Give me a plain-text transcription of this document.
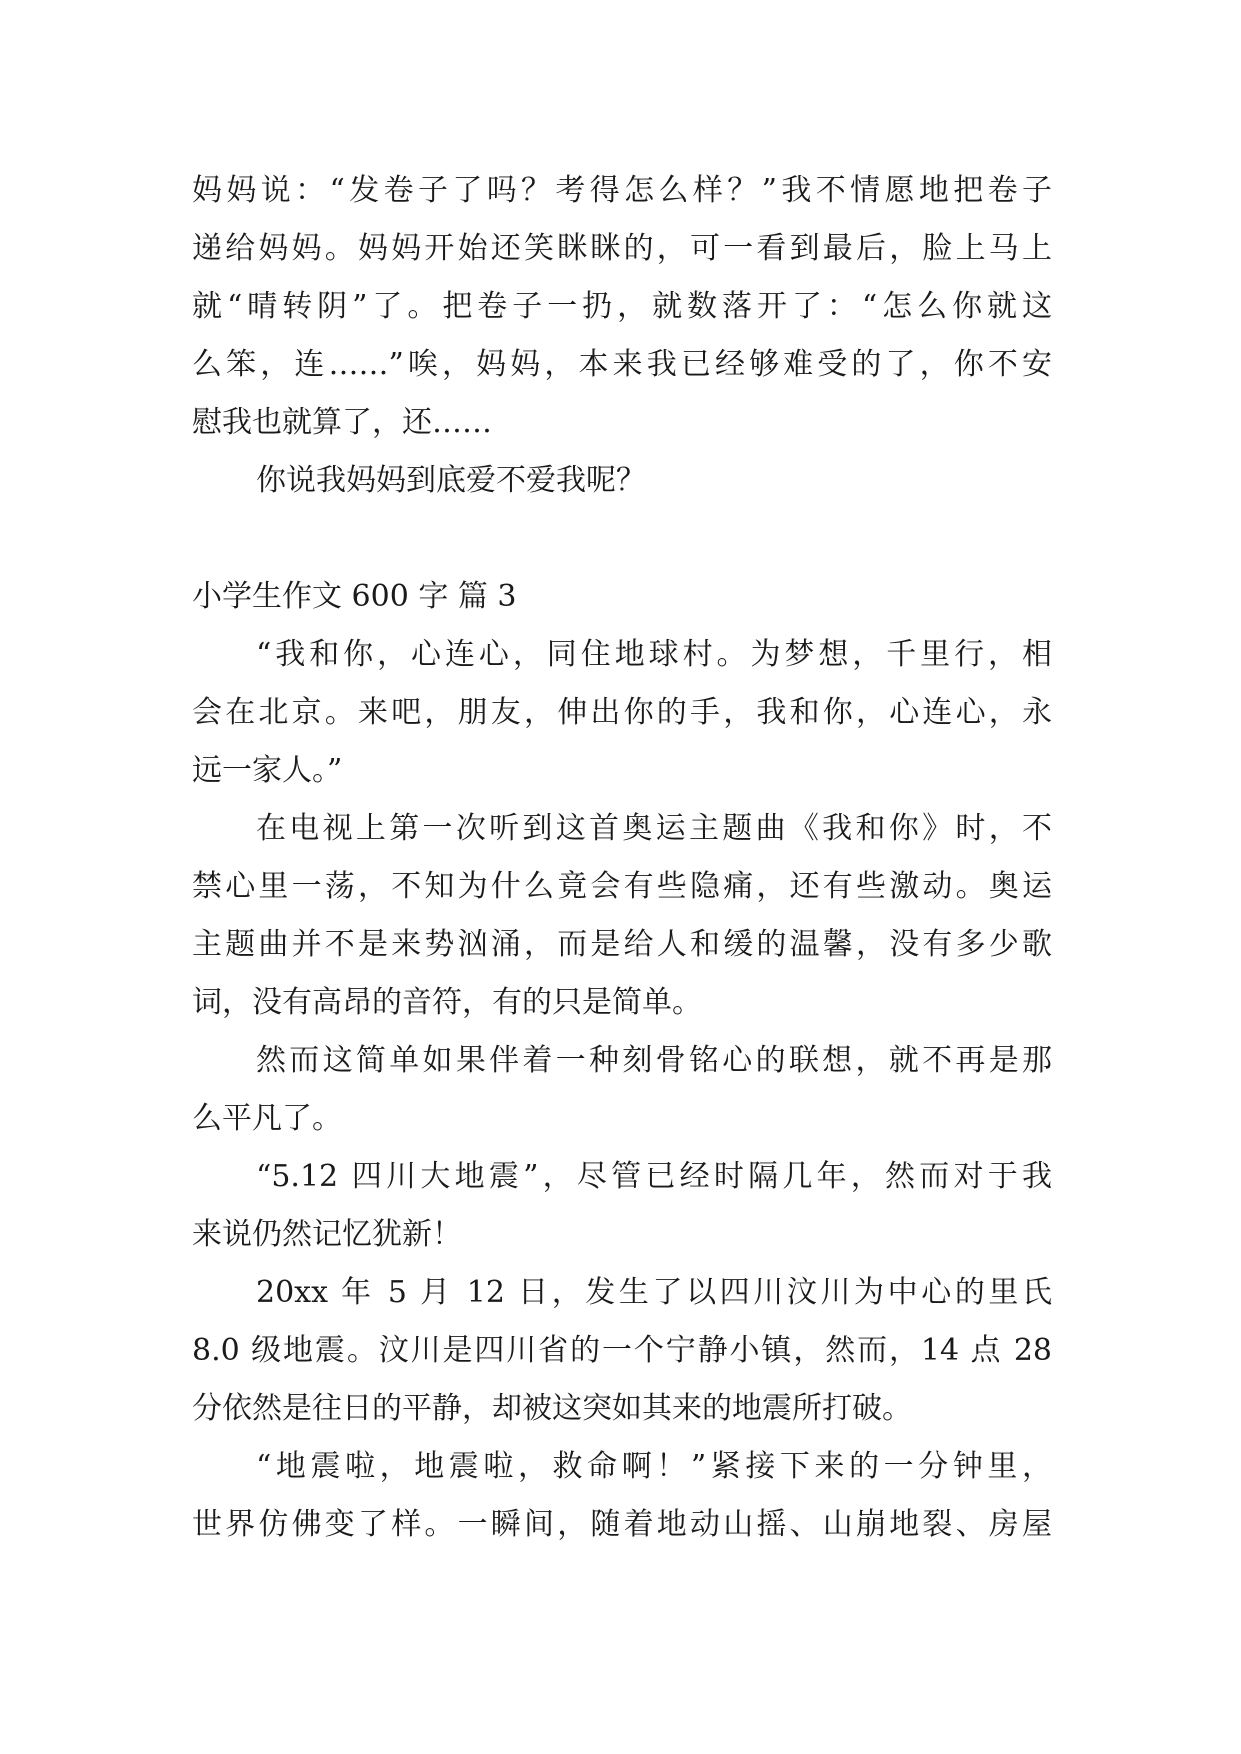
妈妈说：“发卷子了吗？考得怎么样？”我不情愿地把卷子
递给妈妈。妈妈开始还笑眯眯的，可一看到最后，脸上马上
就“晴转阴”了。把卷子一扔，就数落开了：“怎么你就这
么笨，连……”唉，妈妈，本来我已经够难受的了，你不安
慰我也就算了，还……
你说我妈妈到底爱不爱我呢？
小学生作文 600 字 篇 3
“我和你，心连心，同住地球村。为梦想，千里行，相
会在北京。来吧，朋友，伸出你的手，我和你，心连心，永
远一家人。”
在电视上第一次听到这首奥运主题曲《我和你》时，不
禁心里一荡，不知为什么竟会有些隐痛，还有些激动。奥运
主题曲并不是来势汹涌，而是给人和缓的温馨，没有多少歌
词，没有高昂的音符，有的只是简单。
然而这简单如果伴着一种刻骨铭心的联想，就不再是那
么平凡了。
“5.12 四川大地震”，尽管已经时隔几年，然而对于我
来说仍然记忆犹新！
20xx 年 5 月 12 日，发生了以四川汶川为中心的里氏
8.0 级地震。汶川是四川省的一个宁静小镇，然而，14 点 28
分依然是往日的平静，却被这突如其来的地震所打破。
“地震啦，地震啦，救命啊！”紧接下来的一分钟里，
世界仿佛变了样。一瞬间，随着地动山摇、山崩地裂、房屋
